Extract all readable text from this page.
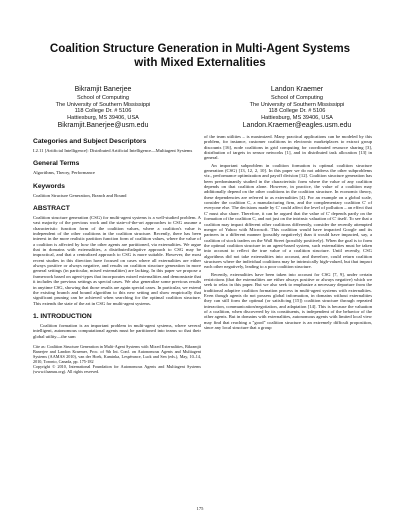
Coalition Structure Generation in Multi-Agent Systems
with Mixed Externalities
Bikramjit Banerjee
School of Computing
The University of Southern Mississippi
118 College Dr. # 5106
Hattiesburg, MS 39406, USA
Bikramjit.Banerjee@usm.edu
Landon Kraemer
School of Computing
The University of Southern Mississippi
118 College Dr. # 5106
Hattiesburg, MS 39406, USA
Landon.Kraemer@eagles.usm.edu
Categories and Subject Descriptors

I.2.11 [Artificial Intelligence]: Distributed Artificial Intelligence—Multiagent Systems

General Terms

Algorithms, Theory, Performance

Keywords

Coalition Structure Generation, Branch and Bound

ABSTRACT

Coalition structure generation (CSG) for multi-agent systems is a well-studied problem. A vast majority of the previous work and the state-of-the-art approaches to CSG assume a characteristic function form of the coalition values, where a coalition's value is independent of the other coalitions in the coalition structure. Recently, there has been interest in the more realistic partition function form of coalition values, where the value of a coalition is affected by how the other agents are partitioned, via externalities. We argue that in domains with externalities, a distributed/adaptive approach to CSG may be impractical, and that a centralized approach to CSG is more suitable. However, the most recent studies in this direction have focused on cases where all externalities are either always positive or always negative, and results on coalition structure generation in more general settings (in particular, mixed externalities) are lacking. In this paper we propose a framework based on agent-types that incorporates mixed externalities and demonstrate that it includes the previous settings as special cases. We also generalize some previous results in anytime CSG, showing that those results are again special cases. In particular, we extend the existing branch and bound algorithm to this new setting and show empirically that significant pruning can be achieved when searching for the optimal coalition structure. This extends the state of the art in CSG for multi-agent systems.

1. INTRODUCTION

Coalition formation is an important problem in multi-agent systems, where several intelligent, autonomous computational agents must be partitioned into teams so that their global utility—the sum

Cite as: Coalition Structure Generation in Multi-Agent Systems with Mixed Externalities, Bikramjit Banerjee and Landon Kraemer, Proc. of 9th Int. Conf. on Autonomous Agents and Multiagent Systems (AAMAS 2010), van der Hoek, Kaminka, Lespérance, Luck and Sen (eds.), May, 10–14, 2010, Toronto, Canada, pp. 175-182
Copyright © 2010, International Foundation for Autonomous Agents and Multiagent Systems (www.ifaamas.org). All rights reserved.

of the team utilities – is maximized. Many practical applications can be modeled by this problem, for instance, customer coalitions in electronic marketplaces to extract group discounts [16], node coalitions in grid computing for coordinated resource sharing [3], distribution of targets in sensor networks [1], and in distributed task allocation [13] in general.

An important subproblem in coalition formation is optimal coalition structure generation (CSG) [13, 12, 2, 10]. In this paper we do not address the other subproblems viz., performance optimization and payoff division [12]. Coalition structure generation has been predominantly studied in the characteristic form where the value of any coalition depends on that coalition alone. However, in practice, the value of a coalition may additionally depend on the other coalitions in the coalition structure. In economic theory, these dependencies are referred to as externalities [4]. For an example on a global scale, consider the coalition C, a manufacturing firm, and the complementary coalition C' of everyone else. The decisions made by C' could affect the level of pollution – an effect that C' must also share. Therefore, it can be argued that the value of C' depends partly on the formation of the coalition C, and not just on the intrinsic valuation of C' itself. To see that a coalition may impact different other coalitions differently, consider the recently attempted merger of Yahoo with Microsoft. This coalition would have impacted Google and its partners in a different manner (possibly negatively) than it would have impacted, say, a coalition of stock traders on the Wall Street (possibly positively). When the goal is to form the optimal coalition structure in an agent-based system, such externalities must be taken into account to reflect the true value of a coalition structure. Until recently, CSG algorithms did not take externalities into account, and therefore, could return coalition structures where the individual coalitions may be intrinsically high-valued, but that impact each other negatively, leading to a poor coalition structure.

Recently, externalities have been taken into account for CSG [7, 9], under certain restrictions (that the externalities are either always positive or always negative) which we seek to relax in this paper. But we also seek to emphasize a necessary departure from the traditional adaptive coalition formation process in multi-agent systems with externalities. Even though agents do not possess global information, in domains without externalities they can still form the optimal (or satisficing [15]) coalition structure through repeated interaction, communication/negotiation, and adaptation [14]. This is because the valuation of a coalition, when discovered by its constituents, is independent of the behavior of the other agents. But in domains with externalities, autonomous agents with limited local view may find that reaching a "good" coalition structure is an extremely difficult proposition, since any local structure that a group

175
